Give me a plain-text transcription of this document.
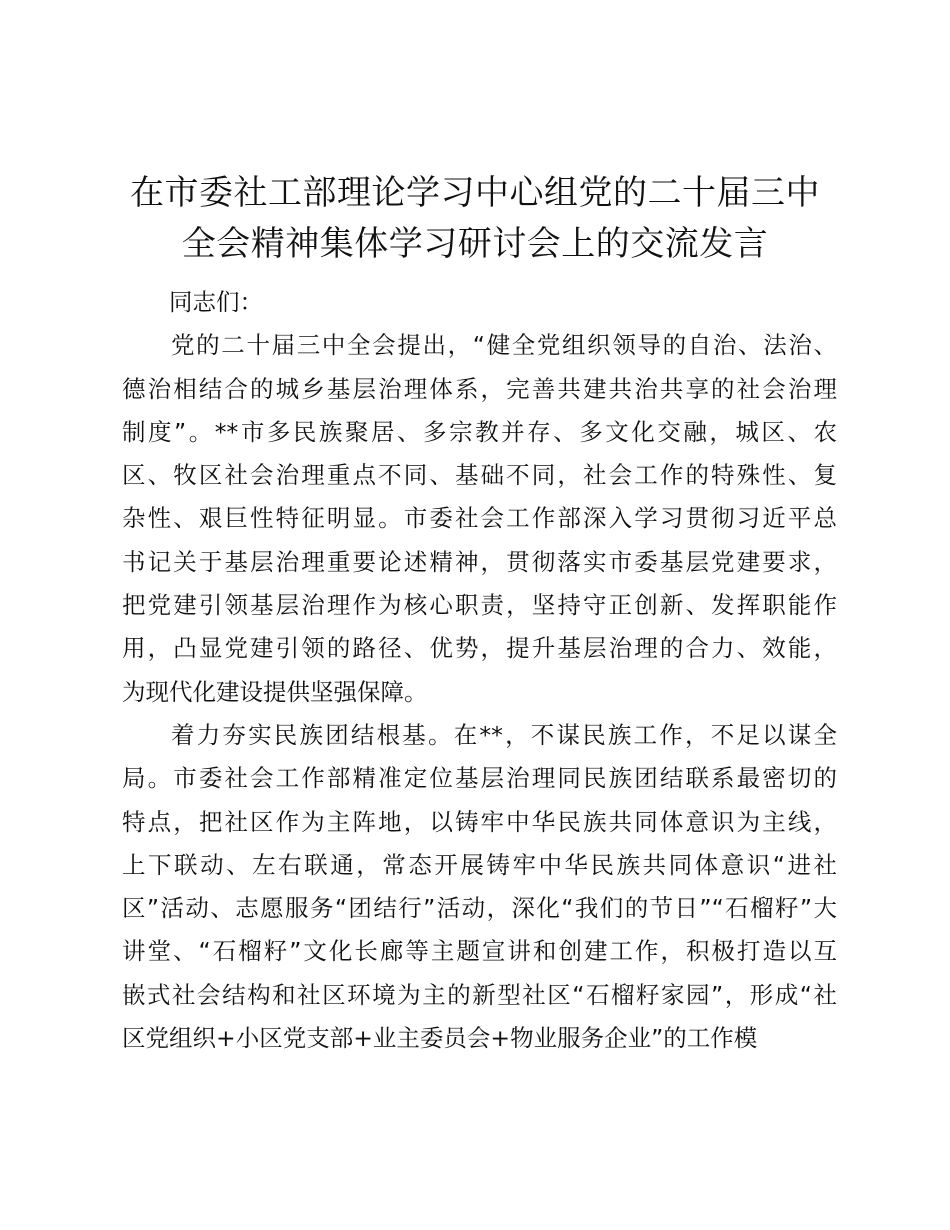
在市委社工部理论学习中心组党的二十届三中
全会精神集体学习研讨会上的交流发言

同志们：

党的二十届三中全会提出，“健全党组织领导的自治、法治、
德治相结合的城乡基层治理体系，完善共建共治共享的社会治理
制度”。**市多民族聚居、多宗教并存、多文化交融，城区、农
区、牧区社会治理重点不同、基础不同，社会工作的特殊性、复
杂性、艰巨性特征明显。市委社会工作部深入学习贯彻习近平总
书记关于基层治理重要论述精神，贯彻落实市委基层党建要求，
把党建引领基层治理作为核心职责，坚持守正创新、发挥职能作
用，凸显党建引领的路径、优势，提升基层治理的合力、效能，
为现代化建设提供坚强保障。

着力夯实民族团结根基。在**，不谋民族工作，不足以谋全
局。市委社会工作部精准定位基层治理同民族团结联系最密切的
特点，把社区作为主阵地，以铸牢中华民族共同体意识为主线，
上下联动、左右联通，常态开展铸牢中华民族共同体意识“进社
区”活动、志愿服务“团结行”活动，深化“我们的节日”“石榴籽”大
讲堂、“石榴籽”文化长廊等主题宣讲和创建工作，积极打造以互
嵌式社会结构和社区环境为主的新型社区“石榴籽家园”，形成“社
区党组织+小区党支部+业主委员会+物业服务企业”的工作模
